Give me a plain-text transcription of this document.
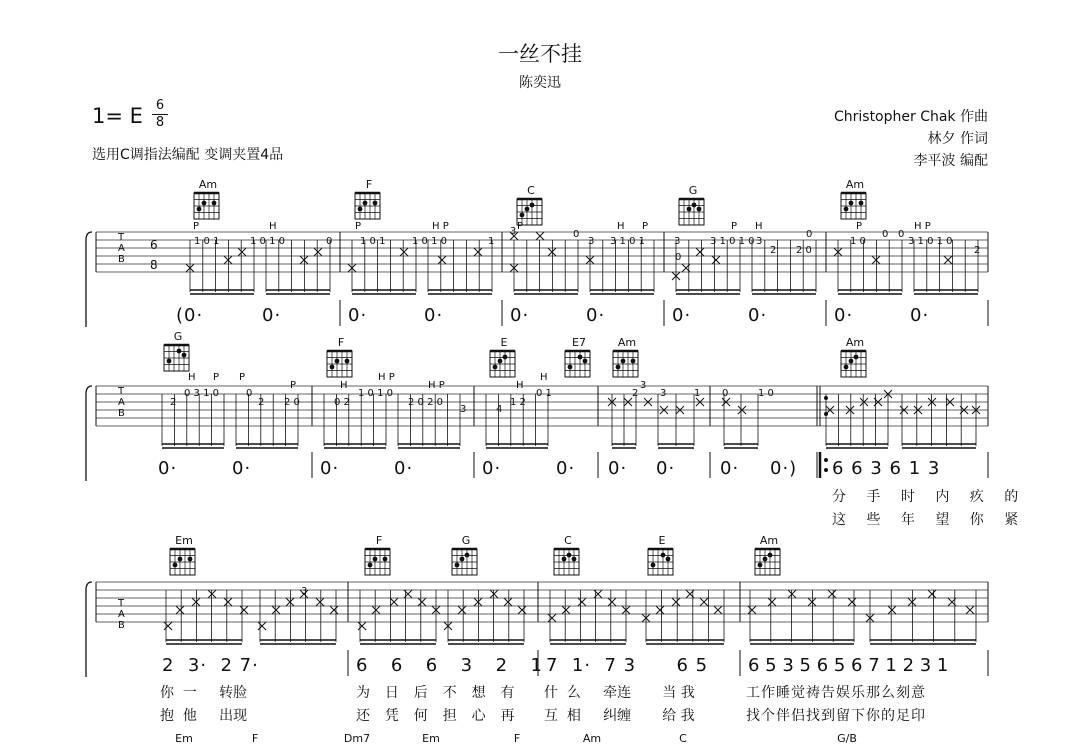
一丝不挂
陈奕迅
1= E 6
8
选用C调指法编配 变调夹置4品
Christopher Chak 作曲
林夕 作词
李平波 编配
Am	F	C	G	Am
G	F	E	E7	Am	Am
Em	F	G	C	E	Am
Em	F	Dm7	Em	F	Am	C	G/B
T
A
B
6
8
P	H	P	H P	P	H P	P H	P	H P
1 0 1	1 0 1 0	0	1 0 1	1 0 1 0	1
3	0
3 3 1 0 1	3	3 1 0 1 0
0
1 0
0
3 1 0 1 0
2 2 0	2
0	0
3
(0·	0·	0·	0·	0·	0·	0·	0·	0·	0·
T
A
B
H P P
P	H
H P
H P	H
H
3
0 3 1 0	0
2	2 0
2	0 2
1 0 1 0
2 0 2 0
3	4
1 2
0 1	3	1 0	1 0
2
0·	0·	0·	0·	0·	0· 0· 0· 0· 0·) 6 6 3 6 1 3
分 手 时 内 疚 的
这 些 年 望 你 紧
T
A
B
3
2  3·  2 7·	6  6  6  3  2  1 7  1·  7 3      6 5 6 5 3 5 6 5 6 7 1 2 3 1
你  一     转脸	为  日  后  不  想  有 什  么     牵连       当 我	工作睡觉祷告娱乐那么刻意
抱  他     出现	还  凭  何  担  心  再 互  相     纠缠       给 我	找个伴侣找到留下你的足印
